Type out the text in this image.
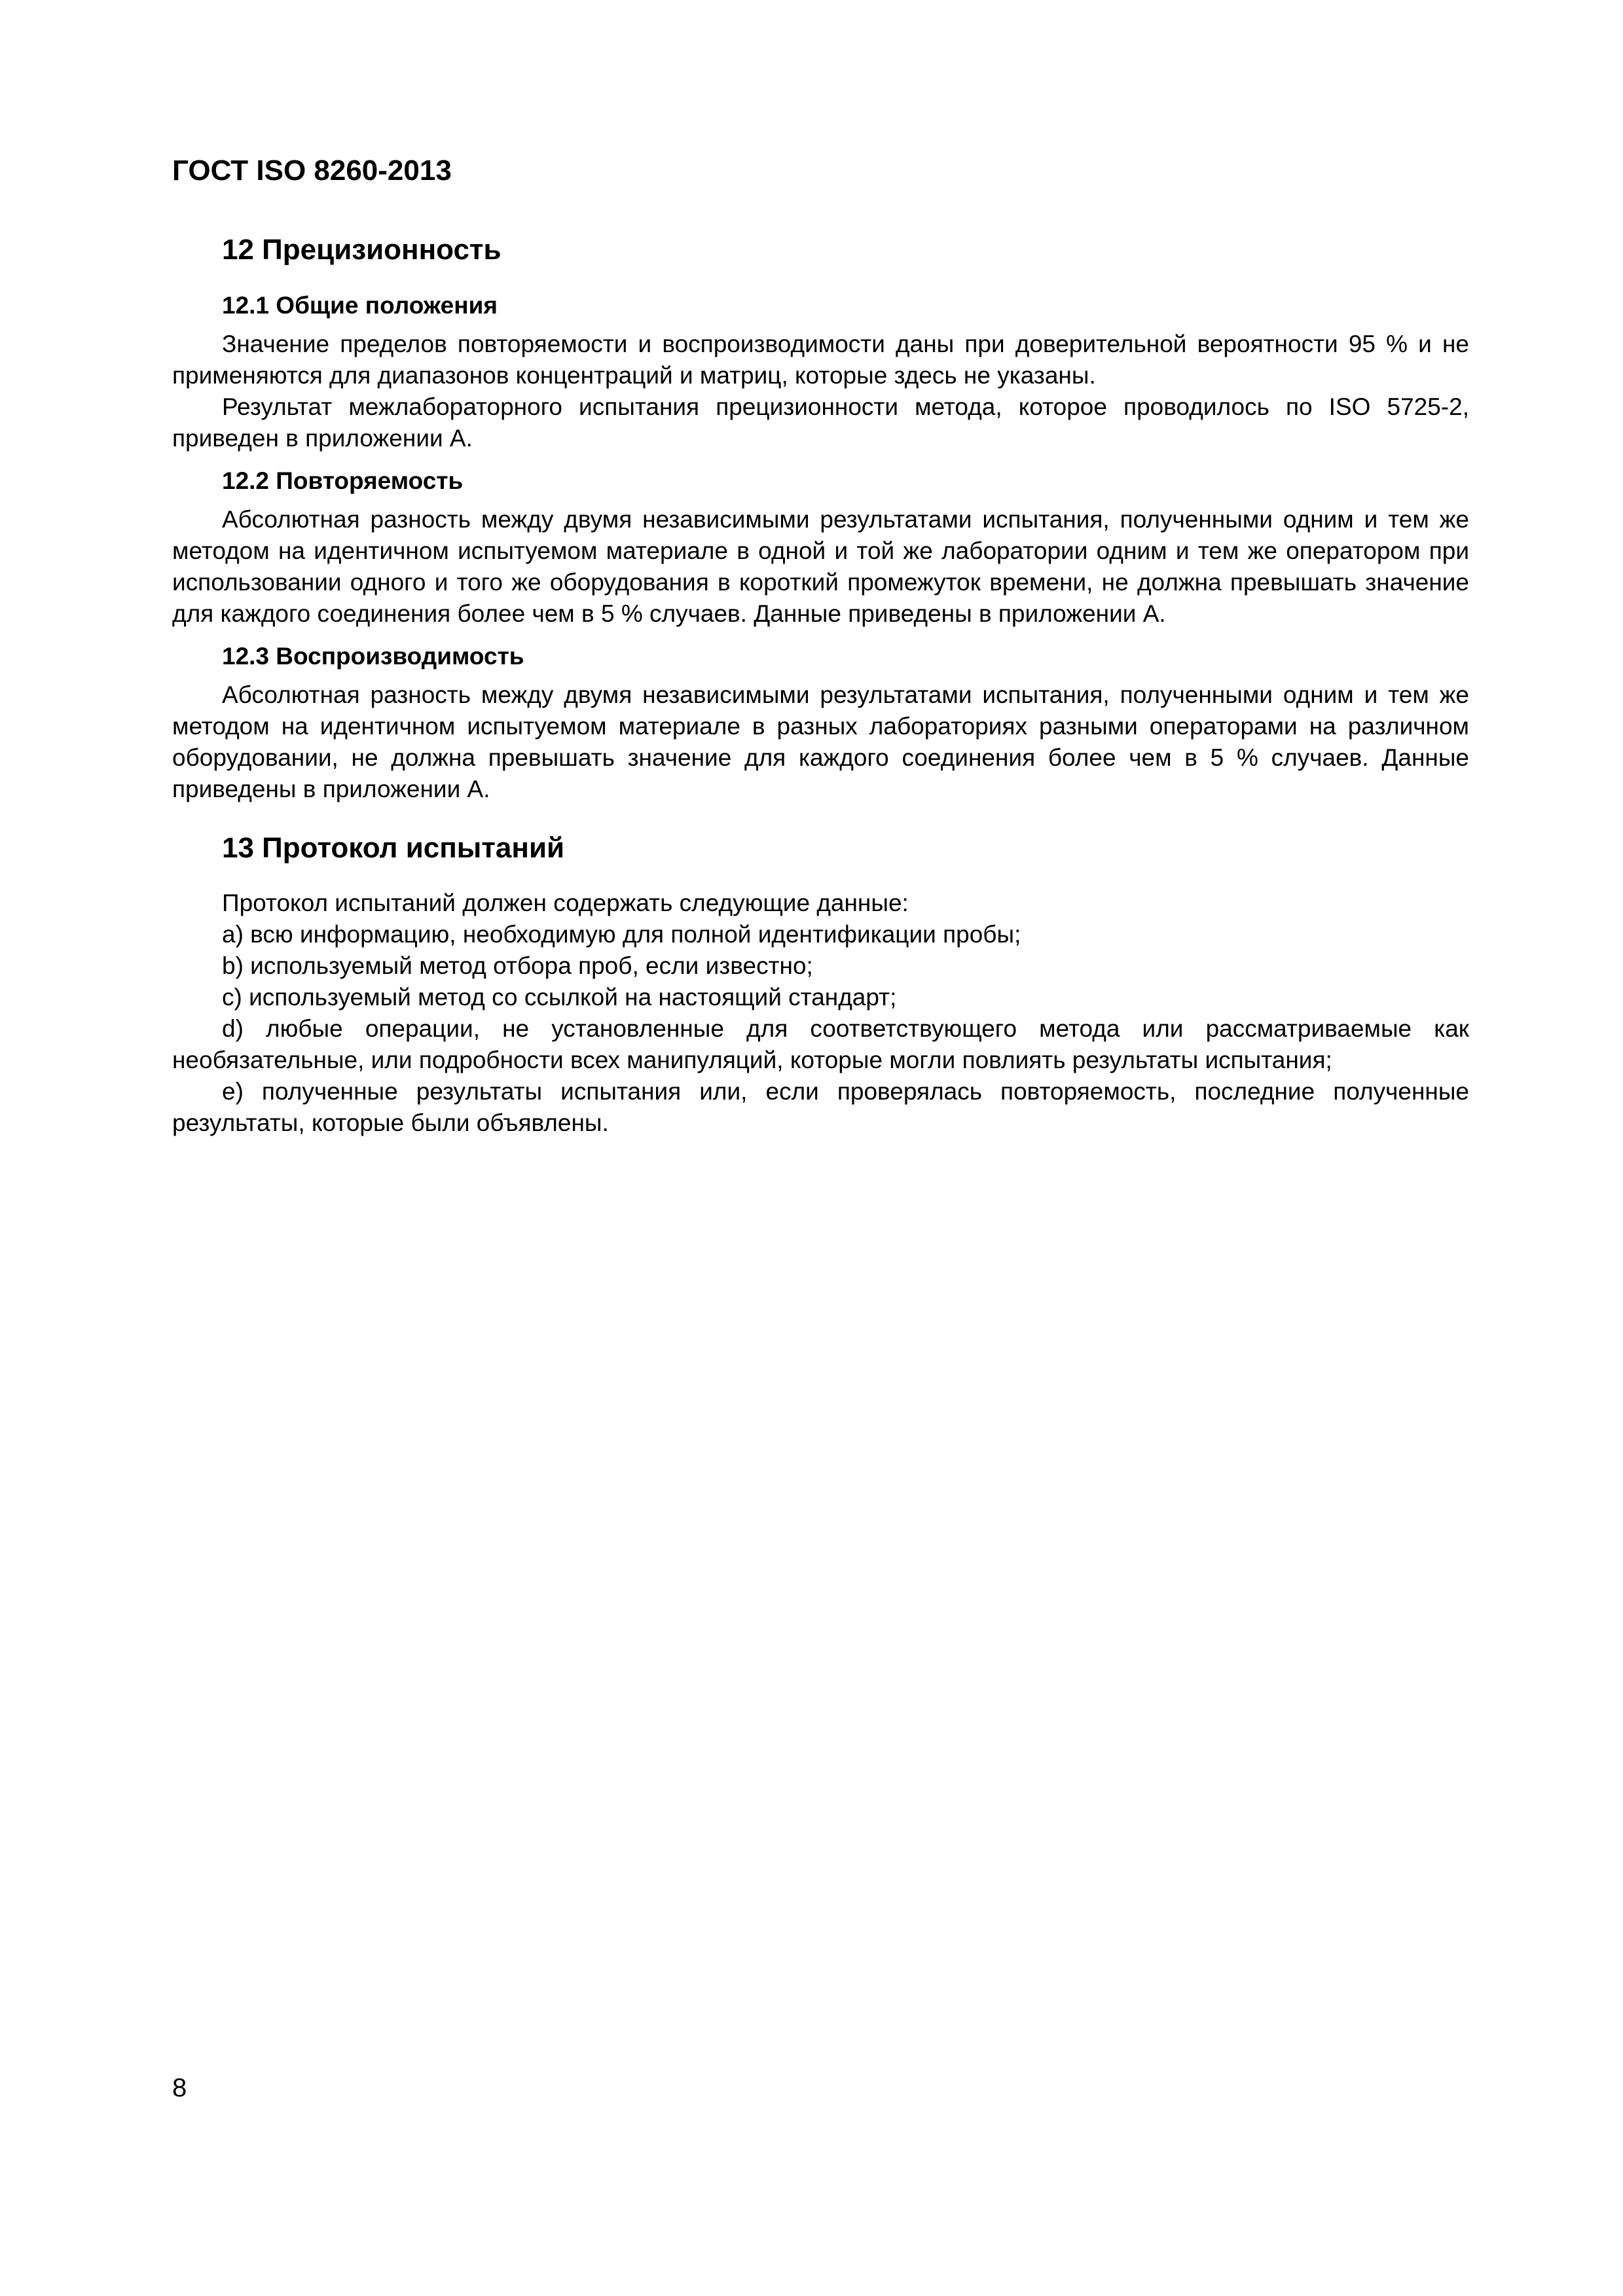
ГОСТ ISO 8260-2013
12 Прецизионность
12.1 Общие положения

Значение пределов повторяемости и воспроизводимости даны при доверительной вероятности 95 % и не применяются для диапазонов концентраций и матриц, которые здесь не указаны.

Результат межлабораторного испытания прецизионности метода, которое проводилось по ISO 5725-2, приведен в приложении А.

12.2 Повторяемость

Абсолютная разность между двумя независимыми результатами испытания, полученными одним и тем же методом на идентичном испытуемом материале в одной и той же лаборатории одним и тем же оператором при использовании одного и того же оборудования в короткий промежуток времени, не должна превышать значение для каждого соединения более чем в 5 % случаев. Данные приведены в приложении А.

12.3 Воспроизводимость

Абсолютная разность между двумя независимыми результатами испытания, полученными одним и тем же методом на идентичном испытуемом материале в разных лабораториях разными операторами на различном оборудовании, не должна превышать значение для каждого соединения более чем в 5 % случаев. Данные приведены в приложении А.

13 Протокол испытаний

Протокол испытаний должен содержать следующие данные:

a) всю информацию, необходимую для полной идентификации пробы;

b) используемый метод отбора проб, если известно;

c) используемый метод со ссылкой на настоящий стандарт;

d) любые операции, не установленные для соответствующего метода или рассматриваемые как необязательные, или подробности всех манипуляций, которые могли повлиять результаты испытания;

e) полученные результаты испытания или, если проверялась повторяемость, последние полученные результаты, которые были объявлены.

8
